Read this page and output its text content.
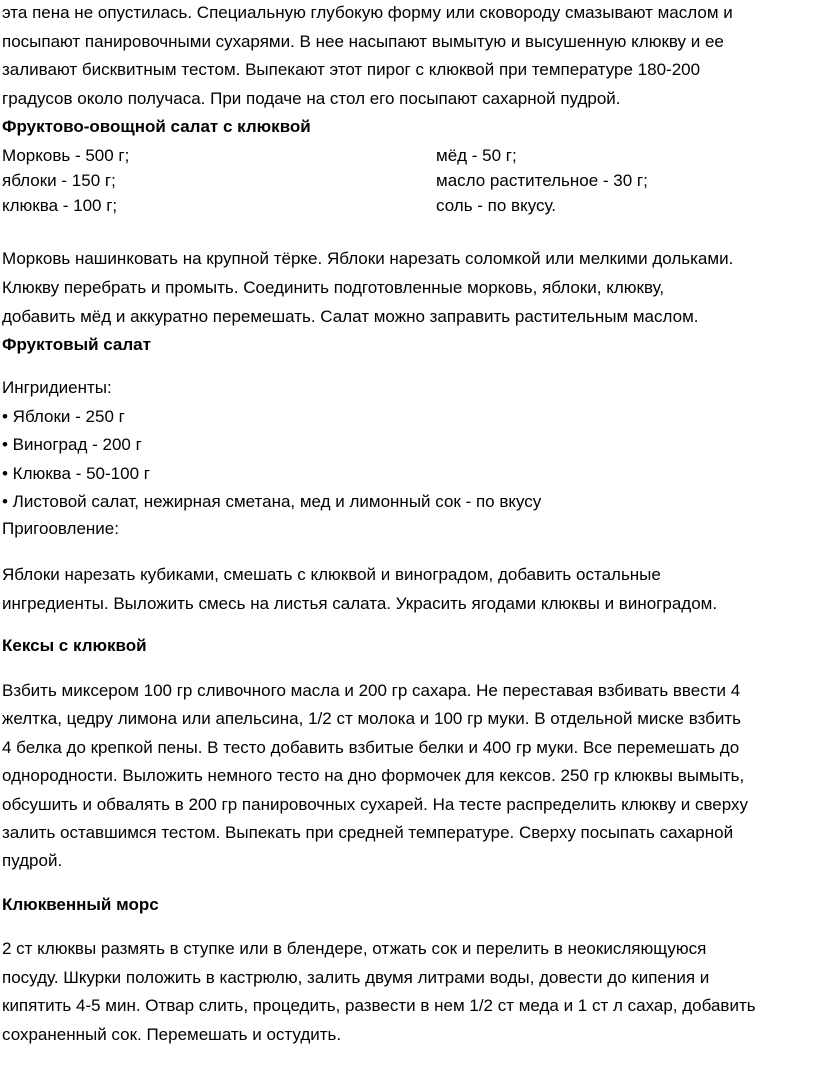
эта пена не опустилась. Специальную глубокую форму или сковороду смазывают маслом и

посыпают панировочными сухарями. В нее насыпают вымытую и высушенную клюкву и ее

заливают бисквитным тестом. Выпекают этот пирог с клюквой при температуре 180-200

градусов около получаса. При подаче на стол его посыпают сахарной пудрой.

Фруктово-овощной салат с клюквой

Морковь - 500 г;

яблоки - 150 г;

клюква - 100 г;

мёд - 50 г;

масло растительное - 30 г;

соль - по вкусу.

Морковь нашинковать на крупной тёрке. Яблоки нарезать соломкой или мелкими дольками.

Клюкву перебрать и промыть. Соединить подготовленные морковь, яблоки, клюкву,

добавить мёд и аккуратно перемешать. Салат можно заправить растительным маслом.

Фруктовый салат

Ингридиенты:

• Яблоки - 250 г

• Виноград - 200 г

• Клюква - 50-100 г

• Листовой салат, нежирная сметана, мед и лимонный сок - по вкусу

Пригоовление:

Яблоки нарезать кубиками, смешать с клюквой и виноградом, добавить остальные

ингредиенты. Выложить смесь на листья салата. Украсить ягодами клюквы и виноградом.

Кексы с клюквой

Взбить миксером 100 гр сливочного масла и 200 гр сахара. Не переставая взбивать ввести 4

желтка, цедру лимона или апельсина, 1/2 ст молока и 100 гр муки. В отдельной миске взбить

4 белка до крепкой пены. В тесто добавить взбитые белки и 400 гр муки. Все перемешать до

однородности. Выложить немного тесто на дно формочек для кексов. 250 гр клюквы вымыть,

обсушить и обвалять в 200 гр панировочных сухарей. На тесте распределить клюкву и сверху

залить оставшимся тестом. Выпекать при средней температуре. Сверху посыпать сахарной

пудрой.

Клюквенный морс

2 ст клюквы размять в ступке или в блендере, отжать сок и перелить в неокисляющуюся

посуду. Шкурки положить в кастрюлю, залить двумя литрами воды, довести до кипения и

кипятить 4-5 мин. Отвар слить, процедить, развести в нем 1/2 ст меда и 1 ст л сахар, добавить

сохраненный сок. Перемешать и остудить.
